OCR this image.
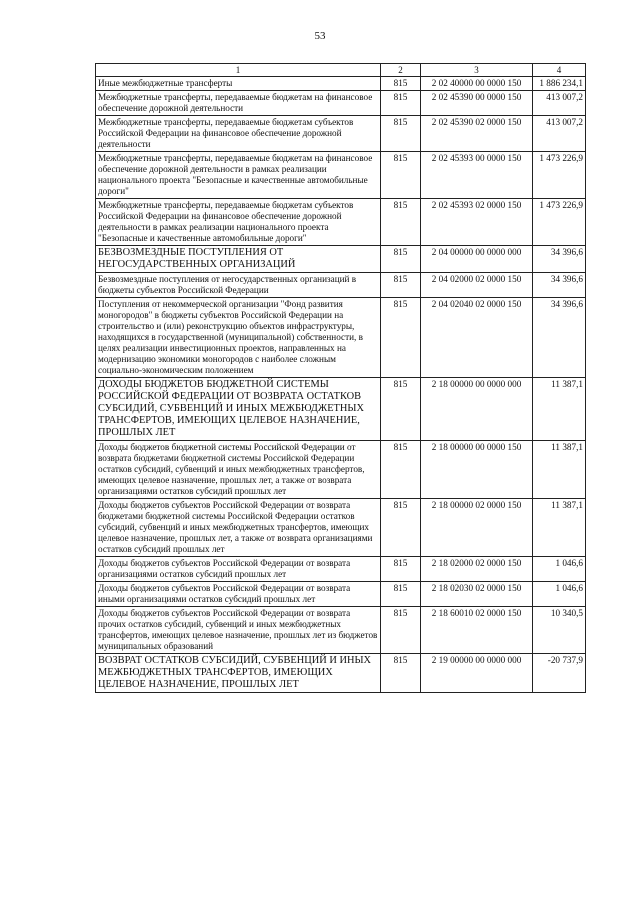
53
1	2	3	4
Иные межбюджетные трансферты	815	2 02 40000 00 0000 150	1 886 234,1
Межбюджетные трансферты, передаваемые бюджетам на финансовое обеспечение дорожной деятельности	815	2 02 45390 00 0000 150	413 007,2
Межбюджетные трансферты, передаваемые бюджетам субъектов Российской Федерации на финансовое обеспечение дорожной деятельности	815	2 02 45390 02 0000 150	413 007,2
Межбюджетные трансферты, передаваемые бюджетам на финансовое обеспечение дорожной деятельности в рамках реализации национального проекта "Безопасные и качественные автомобильные дороги"	815	2 02 45393 00 0000 150	1 473 226,9
Межбюджетные трансферты, передаваемые бюджетам субъектов Российской Федерации на финансовое обеспечение дорожной деятельности в рамках реализации национального проекта "Безопасные и качественные автомобильные дороги"	815	2 02 45393 02 0000 150	1 473 226,9
БЕЗВОЗМЕЗДНЫЕ ПОСТУПЛЕНИЯ ОТ НЕГОСУДАРСТВЕННЫХ ОРГАНИЗАЦИЙ	815	2 04 00000 00 0000 000	34 396,6
Безвозмездные поступления от негосударственных организаций в бюджеты субъектов Российской Федерации	815	2 04 02000 02 0000 150	34 396,6
Поступления от некоммерческой организации "Фонд развития моногородов" в бюджеты субъектов Российской Федерации на строительство и (или) реконструкцию объектов инфраструктуры, находящихся в государственной (муниципальной) собственности, в целях реализации инвестиционных проектов, направленных на модернизацию экономики моногородов с наиболее сложным социально-экономическим положением	815	2 04 02040 02 0000 150	34 396,6
ДОХОДЫ БЮДЖЕТОВ БЮДЖЕТНОЙ СИСТЕМЫ РОССИЙСКОЙ ФЕДЕРАЦИИ ОТ ВОЗВРАТА ОСТАТКОВ СУБСИДИЙ, СУБВЕНЦИЙ И ИНЫХ МЕЖБЮДЖЕТНЫХ ТРАНСФЕРТОВ, ИМЕЮЩИХ ЦЕЛЕВОЕ НАЗНАЧЕНИЕ, ПРОШЛЫХ ЛЕТ	815	2 18 00000 00 0000 000	11 387,1
Доходы бюджетов бюджетной системы Российской Федерации от возврата бюджетами бюджетной системы Российской Федерации остатков субсидий, субвенций и иных межбюджетных трансфертов, имеющих целевое назначение, прошлых лет, а также от возврата организациями остатков субсидий прошлых лет	815	2 18 00000 00 0000 150	11 387,1
Доходы бюджетов субъектов Российской Федерации от возврата бюджетами бюджетной системы Российской Федерации остатков субсидий, субвенций и иных межбюджетных трансфертов, имеющих целевое назначение, прошлых лет, а также от возврата организациями остатков субсидий прошлых лет	815	2 18 00000 02 0000 150	11 387,1
Доходы бюджетов субъектов Российской Федерации от возврата организациями остатков субсидий прошлых лет	815	2 18 02000 02 0000 150	1 046,6
Доходы бюджетов субъектов Российской Федерации от возврата иными организациями остатков субсидий прошлых лет	815	2 18 02030 02 0000 150	1 046,6
Доходы бюджетов субъектов Российской Федерации от возврата прочих остатков субсидий, субвенций и иных межбюджетных трансфертов, имеющих целевое назначение, прошлых лет из бюджетов муниципальных образований	815	2 18 60010 02 0000 150	10 340,5
ВОЗВРАТ ОСТАТКОВ СУБСИДИЙ, СУБВЕНЦИЙ И ИНЫХ МЕЖБЮДЖЕТНЫХ ТРАНСФЕРТОВ, ИМЕЮЩИХ ЦЕЛЕВОЕ НАЗНАЧЕНИЕ, ПРОШЛЫХ ЛЕТ	815	2 19 00000 00 0000 000	-20 737,9
